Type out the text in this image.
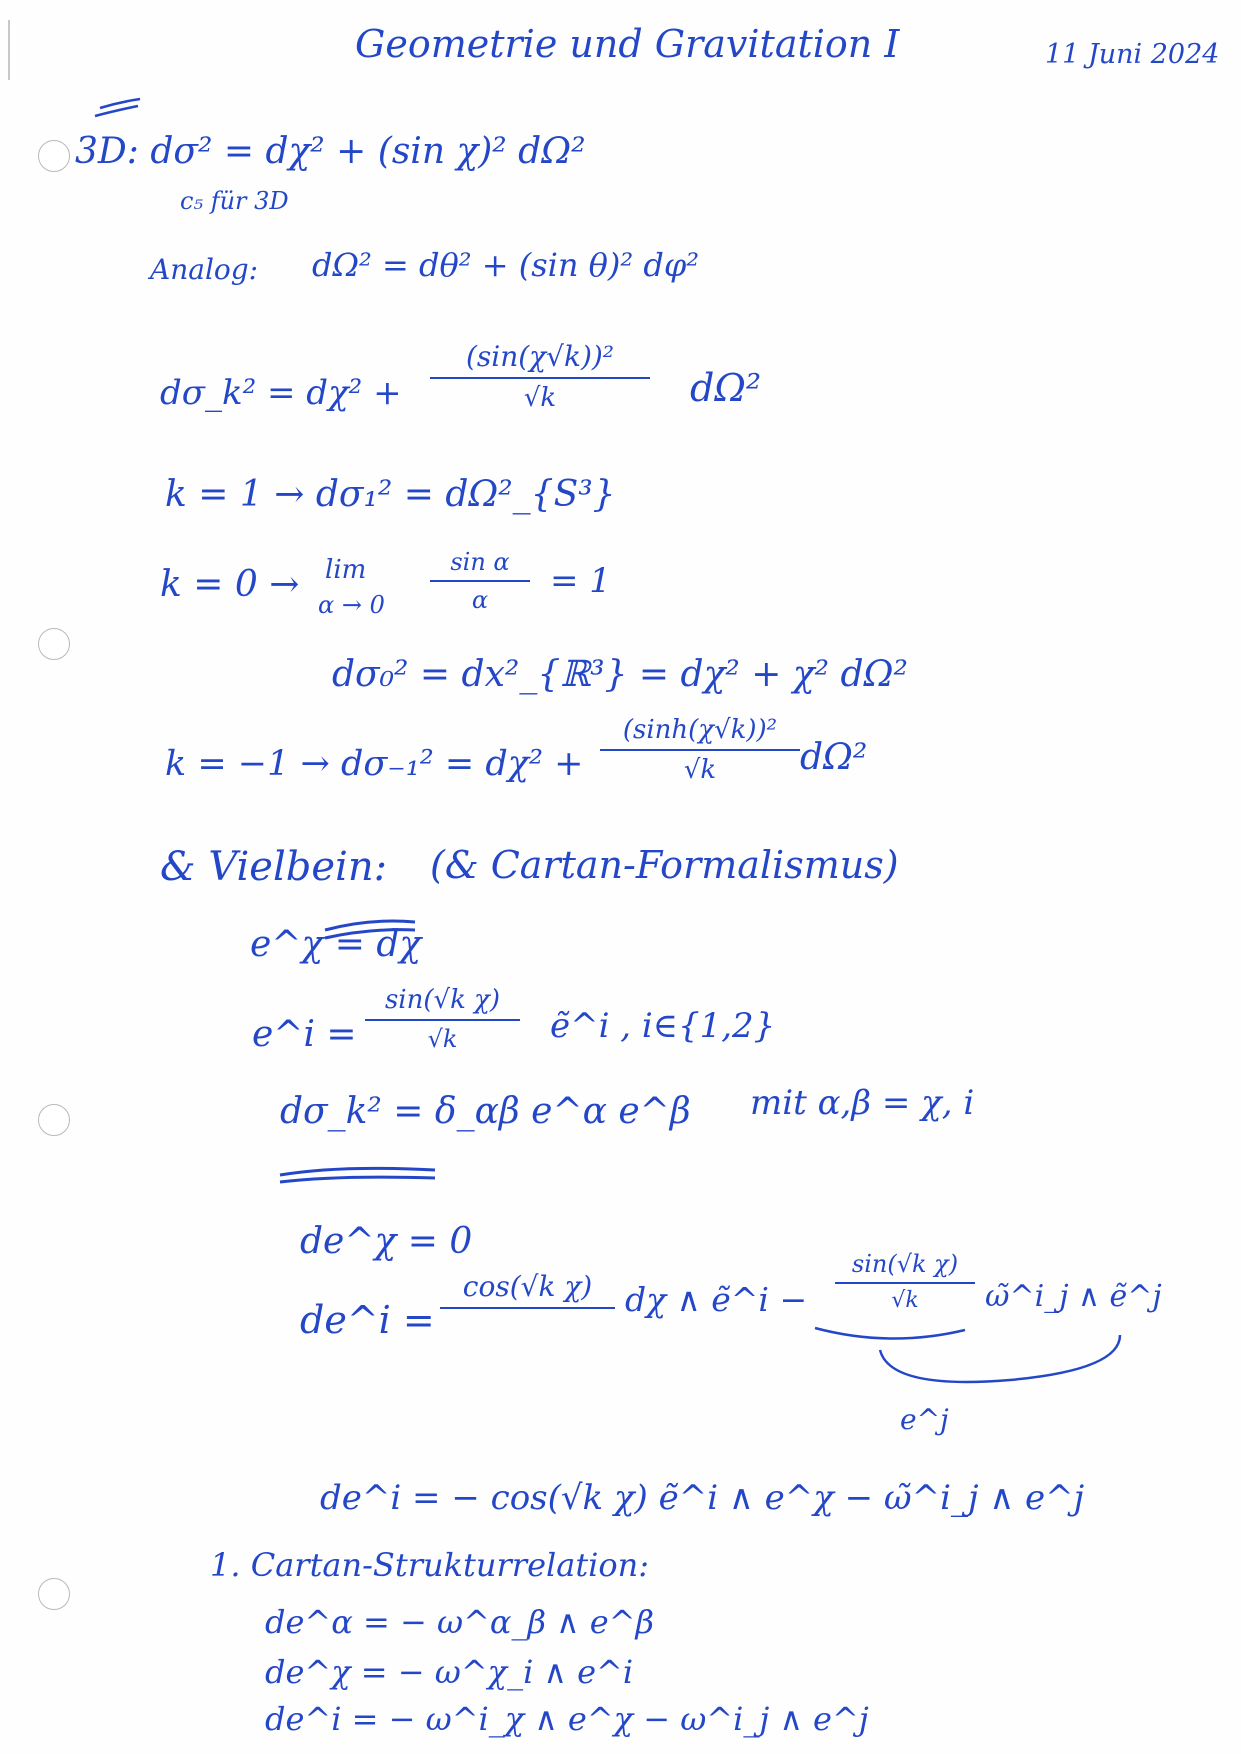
Geometrie und Gravitation I	11 Juni 2024
3D: dσ² = dχ² + (sin χ)² dΩ²
c₅ für 3D
Analog: dΩ² = dθ² + (sin θ)² dφ²
dσ_k² = dχ² +
(sin(χ√k))²
√k	dΩ²
k = 1 → dσ₁² = dΩ²_{S³}
k = 0 → lim
α → 0
sin α
α	= 1
dσ₀² = dx²_{ℝ³} = dχ² + χ² dΩ²
k = −1 → dσ₋₁² = dχ² +
(sinh(χ√k))²
√k	dΩ²
& Vielbein: (& Cartan-Formalismus)
e^χ = dχ
e^i =
sin(√k χ)
√k	ẽ^i , i∈{1,2}
dσ_k² = δ_αβ e^α e^β mit α,β = χ, i
de^χ = 0
de^i =
cos(√k χ) dχ ∧ ẽ^i −
sin(√k χ)
√k	ω̃^i_j ∧ ẽ^j
e^j
de^i = − cos(√k χ) ẽ^i ∧ e^χ − ω̃^i_j ∧ e^j
1. Cartan-Strukturrelation:
de^α = − ω^α_β ∧ e^β
de^χ = − ω^χ_i ∧ e^i
de^i = − ω^i_χ ∧ e^χ − ω^i_j ∧ e^j
